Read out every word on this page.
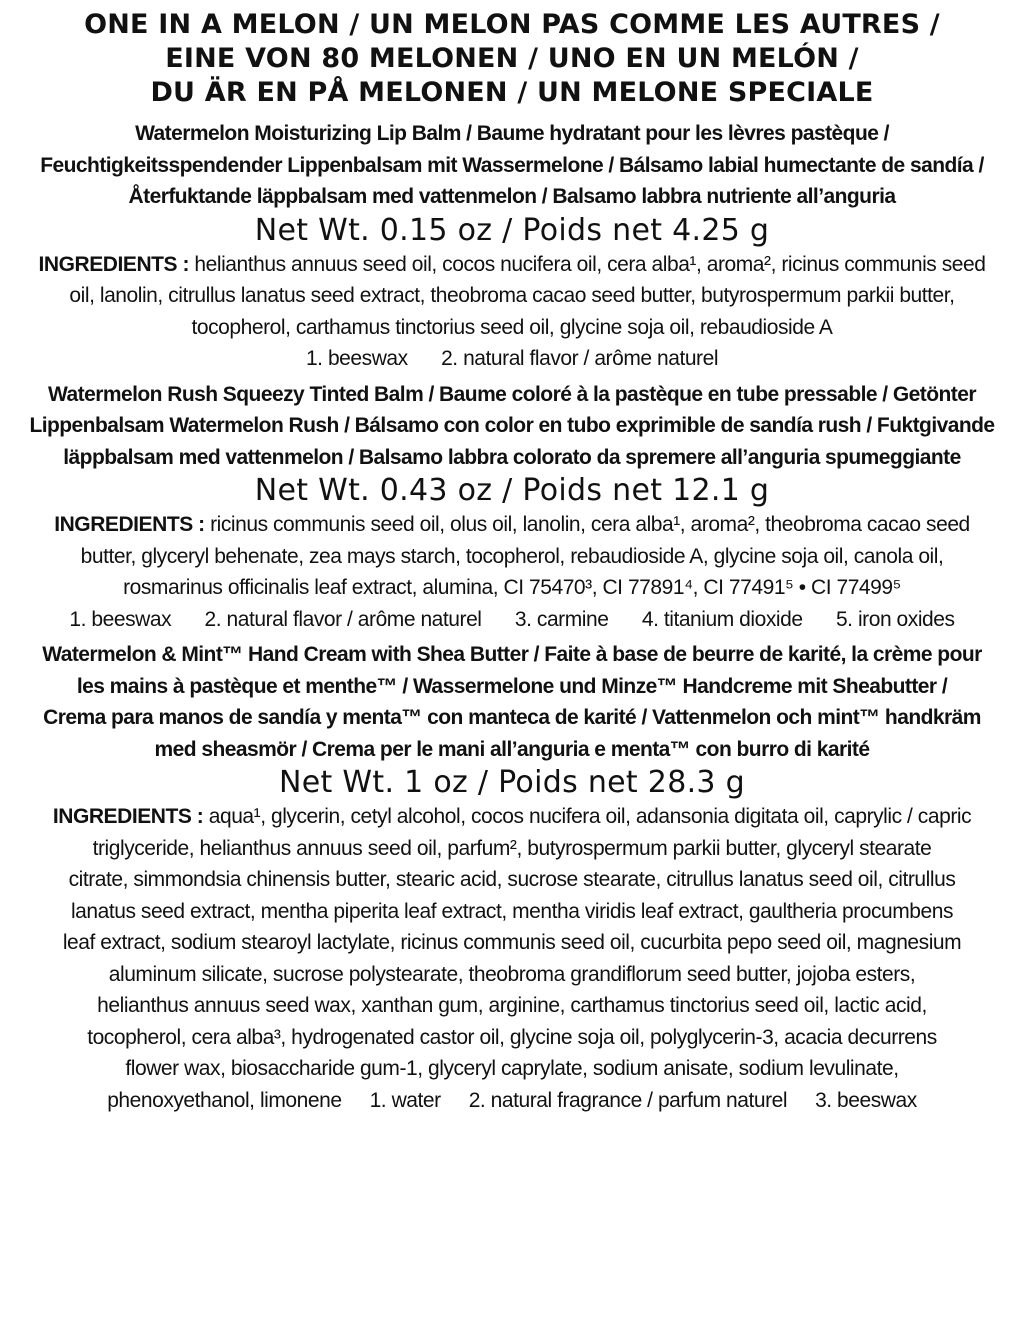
ONE IN A MELON / UN MELON PAS COMME LES AUTRES /
EINE VON 80 MELONEN / UNO EN UN MELÓN /
DU ÄR EN PÅ MELONEN / UN MELONE SPECIALE
Watermelon Moisturizing Lip Balm / Baume hydratant pour les lèvres pastèque /
Feuchtigkeitsspendender Lippenbalsam mit Wassermelone / Bálsamo labial humectante de sandía /
Återfuktande läppbalsam med vattenmelon / Balsamo labbra nutriente all’anguria
Net Wt. 0.15 oz / Poids net 4.25 g
INGREDIENTS : helianthus annuus seed oil, cocos nucifera oil, cera alba¹, aroma², ricinus communis seed
oil, lanolin, citrullus lanatus seed extract, theobroma cacao seed butter, butyrospermum parkii butter,
tocopherol, carthamus tinctorius seed oil, glycine soja oil, rebaudioside A
1. beeswax 2. natural flavor / arôme naturel
Watermelon Rush Squeezy Tinted Balm / Baume coloré à la pastèque en tube pressable / Getönter
Lippenbalsam Watermelon Rush / Bálsamo con color en tubo exprimible de sandía rush / Fuktgivande
läppbalsam med vattenmelon / Balsamo labbra colorato da spremere all’anguria spumeggiante
Net Wt. 0.43 oz / Poids net 12.1 g
INGREDIENTS : ricinus communis seed oil, olus oil, lanolin, cera alba¹, aroma², theobroma cacao seed
butter, glyceryl behenate, zea mays starch, tocopherol, rebaudioside A, glycine soja oil, canola oil,
rosmarinus officinalis leaf extract, alumina, CI 75470³, CI 77891⁴, CI 77491⁵ • CI 77499⁵
1. beeswax 2. natural flavor / arôme naturel 3. carmine 4. titanium dioxide 5. iron oxides
Watermelon & Mint™ Hand Cream with Shea Butter / Faite à base de beurre de karité, la crème pour
les mains à pastèque et menthe™ / Wassermelone und Minze™ Handcreme mit Sheabutter /
Crema para manos de sandía y menta™ con manteca de karité / Vattenmelon och mint™ handkräm
med sheasmör / Crema per le mani all’anguria e menta™ con burro di karité
Net Wt. 1 oz / Poids net 28.3 g
INGREDIENTS : aqua¹, glycerin, cetyl alcohol, cocos nucifera oil, adansonia digitata oil, caprylic / capric
triglyceride, helianthus annuus seed oil, parfum², butyrospermum parkii butter, glyceryl stearate
citrate, simmondsia chinensis butter, stearic acid, sucrose stearate, citrullus lanatus seed oil, citrullus
lanatus seed extract, mentha piperita leaf extract, mentha viridis leaf extract, gaultheria procumbens
leaf extract, sodium stearoyl lactylate, ricinus communis seed oil, cucurbita pepo seed oil, magnesium
aluminum silicate, sucrose polystearate, theobroma grandiflorum seed butter, jojoba esters,
helianthus annuus seed wax, xanthan gum, arginine, carthamus tinctorius seed oil, lactic acid,
tocopherol, cera alba³, hydrogenated castor oil, glycine soja oil, polyglycerin-3, acacia decurrens
flower wax, biosaccharide gum-1, glyceryl caprylate, sodium anisate, sodium levulinate,
phenoxyethanol, limonene 1. water 2. natural fragrance / parfum naturel 3. beeswax
